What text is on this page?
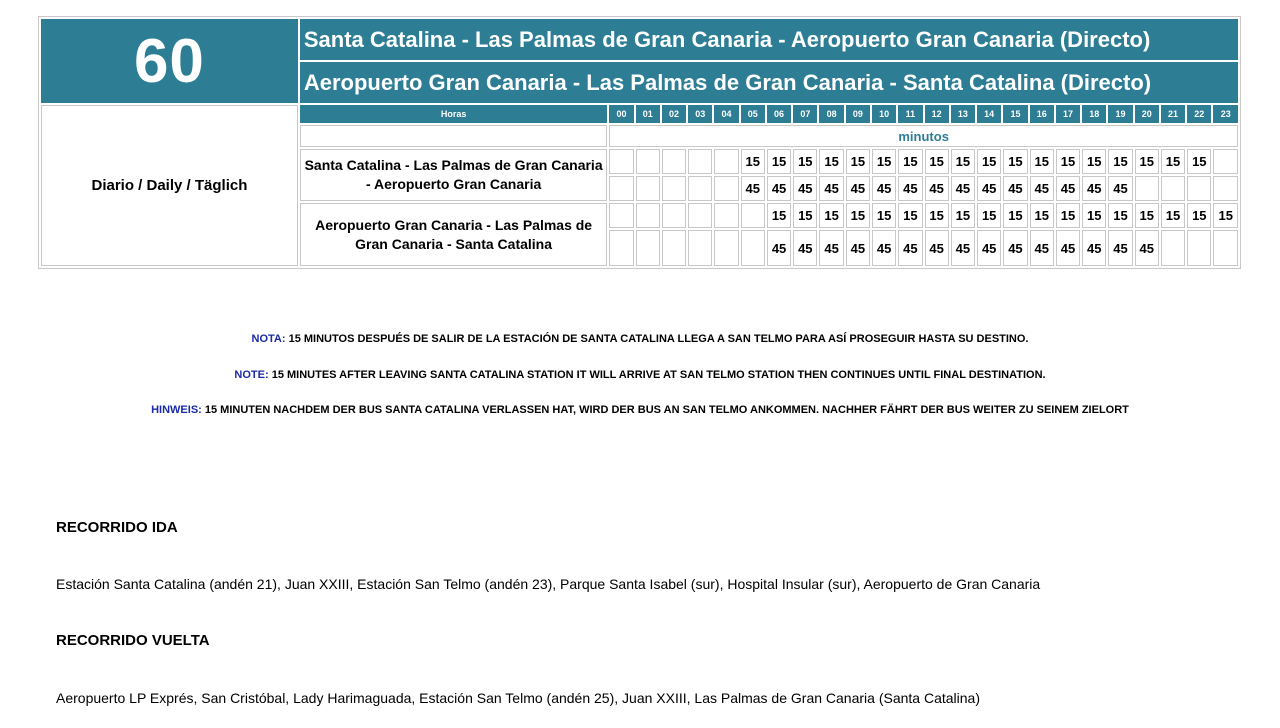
60	Santa Catalina - Las Palmas de Gran Canaria - Aeropuerto Gran Canaria (Directo)																								
	Aeropuerto Gran Canaria - Las Palmas de Gran Canaria - Santa Catalina (Directo)																								
Diario / Daily / Täglich	Horas	00	01	02	03	04	05	06	07	08	09	10	11	12	13	14	15	16	17	18	19	20	21	22	23
		minutos																							
	Santa Catalina - Las Palmas de Gran Canaria - Aeropuerto Gran Canaria						15	15	15	15	15	15	15	15	15	15	15	15	15	15	15	15	15	15	
							45	45	45	45	45	45	45	45	45	45	45	45	45	45	45				
	Aeropuerto Gran Canaria - Las Palmas de Gran Canaria - Santa Catalina							15	15	15	15	15	15	15	15	15	15	15	15	15	15	15	15	15	15
								45	45	45	45	45	45	45	45	45	45	45	45	45	45	45			
NOTA: 15 MINUTOS DESPUÉS DE SALIR DE LA ESTACIÓN DE SANTA CATALINA LLEGA A SAN TELMO PARA ASÍ PROSEGUIR HASTA SU DESTINO.
NOTE: 15 MINUTES AFTER LEAVING SANTA CATALINA STATION IT WILL ARRIVE AT SAN TELMO STATION THEN CONTINUES UNTIL FINAL DESTINATION.
HINWEIS: 15 MINUTEN NACHDEM DER BUS SANTA CATALINA VERLASSEN HAT, WIRD DER BUS AN SAN TELMO ANKOMMEN. NACHHER FÄHRT DER BUS WEITER ZU SEINEM ZIELORT
RECORRIDO IDA
Estación Santa Catalina (andén 21), Juan XXIII, Estación San Telmo (andén 23), Parque Santa Isabel (sur), Hospital Insular (sur), Aeropuerto de Gran Canaria
RECORRIDO VUELTA
Aeropuerto LP Exprés, San Cristóbal, Lady Harimaguada, Estación San Telmo (andén 25), Juan XXIII, Las Palmas de Gran Canaria (Santa Catalina)
